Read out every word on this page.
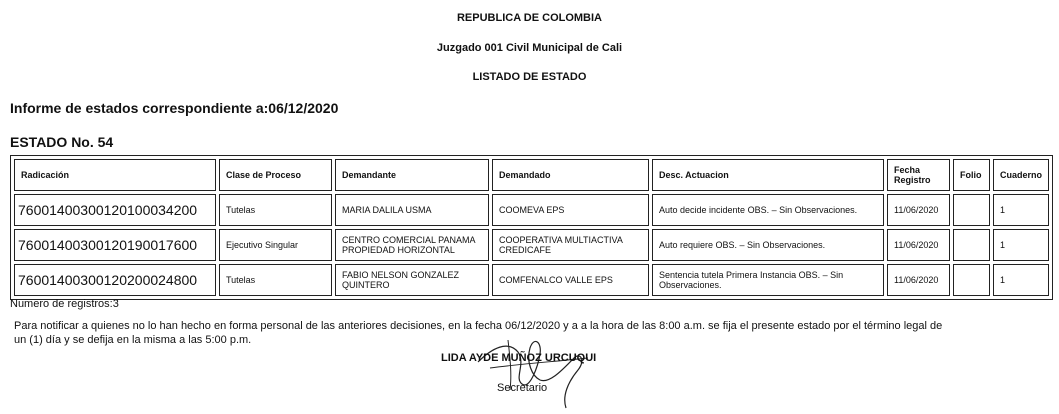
REPUBLICA DE COLOMBIA
Juzgado 001 Civil Municipal de Cali
LISTADO DE ESTADO
Informe de estados correspondiente a:06/12/2020
ESTADO No. 54
Radicación	Clase de Proceso	Demandante	Demandado	Desc. Actuacion	Fecha
Registro	Folio	Cuaderno
76001400300120100034200	Tutelas	MARIA DALILA USMA	COOMEVA EPS	Auto decide incidente OBS. – Sin Observaciones.	11/06/2020		1
76001400300120190017600	Ejecutivo Singular	CENTRO COMERCIAL PANAMA
PROPIEDAD HORIZONTAL	COOPERATIVA MULTIACTIVA
CREDICAFE	Auto requiere OBS. – Sin Observaciones.	11/06/2020		1
76001400300120200024800	Tutelas	FABIO NELSON GONZALEZ
QUINTERO	COMFENALCO VALLE EPS	Sentencia tutela Primera Instancia OBS. – Sin
Observaciones.	11/06/2020		1
Numero de registros:3
Para notificar a quienes no lo han hecho en forma personal de las anteriores decisiones, en la fecha 06/12/2020 y a a la hora de las 8:00 a.m. se fija el presente estado por el término legal de
un (1) día y se defija en la misma a las 5:00 p.m.
LIDA AYDE MUÑOZ URCUQUI
Secretario
